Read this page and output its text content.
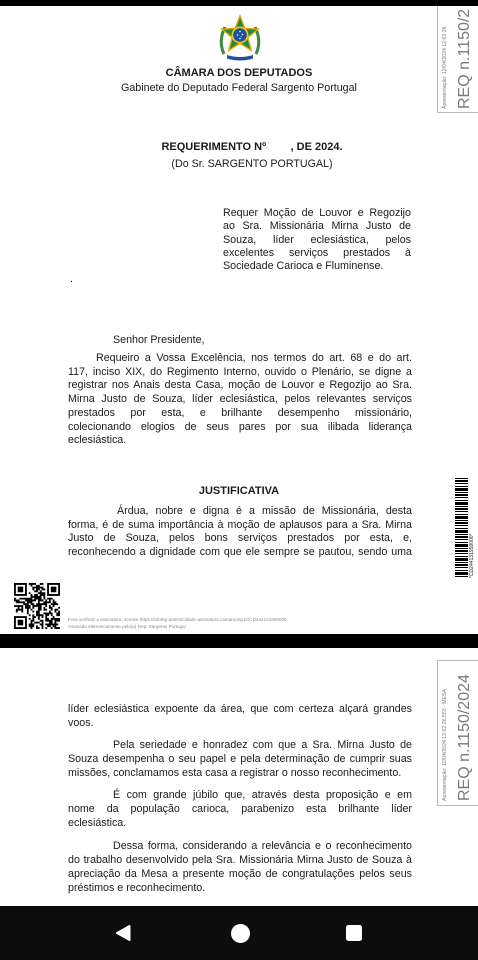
CÂMARA DOS DEPUTADOS
Gabinete do Deputado Federal Sargento Portugal	Apresentação: 12/04/2024 12:02:26 REQ n.1150/2
REQUERIMENTO Nº        , DE 2024.
(Do Sr. SARGENTO PORTUGAL)
Requer Moção de Louvor e Regozijo
ao Sra. Missionária Mirna Justo de
Souza, líder eclesiástica, pelos
excelentes serviços prestados à
Sociedade Carioca e Fluminense.
.
Senhor Presidente,
Requeiro a Vossa Excelência, nos termos do art. 68 e do art.
117, inciso XIX, do Regimento Interno, ouvido o Plenário, se digne a
registrar nos Anais desta Casa, moção de Louvor e Regozijo ao Sra.
Mirna Justo de Souza, líder eclesiástica, pelos relevantes serviços
prestados por esta, e brilhante desempenho missionário,
colecionando elogios de seus pares por sua ilibada liderança
eclesiástica.
JUSTIFICATIVA
Árdua, nobre e digna é a missão de Missionária, desta
forma, é de suma importância à moção de aplausos para a Sra. Mirna
Justo de Souza, pelos bons serviços prestados por esta, e,
reconhecendo a dignidade com que ele sempre se pautou, sendo uma	*CD244131959000*
Para verificar a assinatura, acesse https://infoleg-autenticidade-assinatura.camara.leg.br/CD244131959000
Assinado eletronicamente pelo(a) Dep. Sargento Portugal
Apresentação: 12/04/2024 12:02:26.553 - MESA REQ n.1150/2024
líder eclesiástica expoente da área, que com certeza alçará grandes
voos.
Pela seriedade e honradez com que a Sra. Mirna Justo de
Souza desempenha o seu papel e pela determinação de cumprir suas
missões, conclamamos esta casa a registrar o nosso reconhecimento.
É com grande júbilo que, através desta proposição e em
nome da população carioca, parabenizo esta brilhante líder
eclesiástica.
Dessa forma, considerando a relevância e o reconhecimento
do trabalho desenvolvido pela Sra. Missionária Mirna Justo de Souza à
apreciação da Mesa a presente moção de congratulações pelos seus
préstimos e reconhecimento.
